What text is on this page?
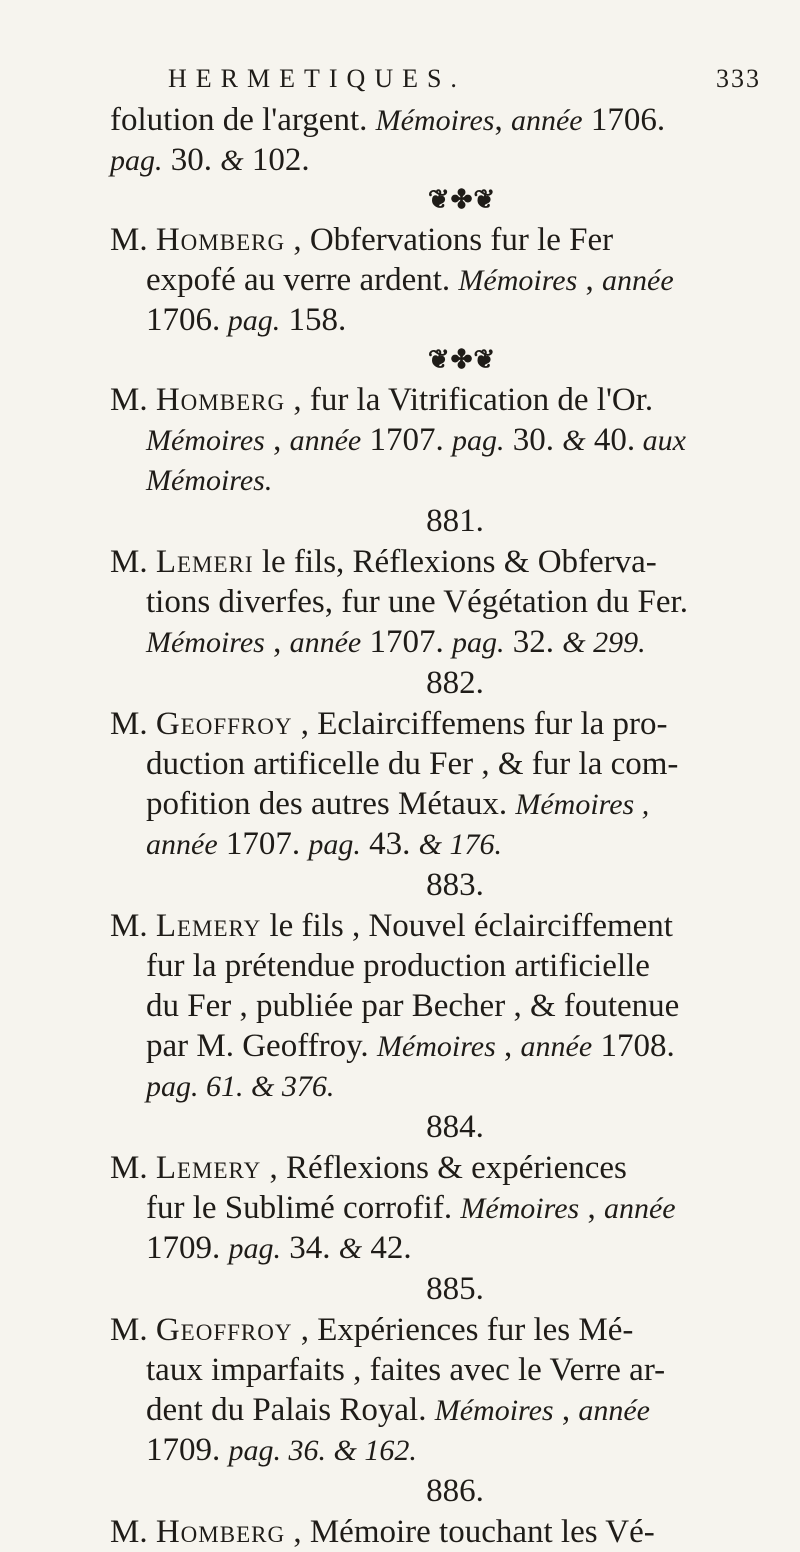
HERMETIQUES.	333
folution de l'argent. Mémoires, année 1706.
pag. 30. & 102.
❦✤❦
M. Homberg , Obfervations fur le Fer
expofé au verre ardent. Mémoires , année
1706. pag. 158.
❦✤❦
M. Homberg , fur la Vitrification de l'Or.
Mémoires , année 1707. pag. 30. & 40. aux
Mémoires.
881.
M. Lemeri le fils, Réflexions & Obferva-
tions diverfes, fur une Végétation du Fer.
Mémoires , année 1707. pag. 32. & 299.
882.
M. Geoffroy , Eclairciffemens fur la pro-
duction artificelle du Fer , & fur la com-
pofition des autres Métaux. Mémoires ,
année 1707. pag. 43. & 176.
883.
M. Lemery le fils , Nouvel éclairciffement
fur la prétendue production artificielle
du Fer , publiée par Becher , & foutenue
par M. Geoffroy. Mémoires , année 1708.
pag. 61. & 376.
884.
M. Lemery , Réflexions & expériences
fur le Sublimé corrofif. Mémoires , année
1709. pag. 34. & 42.
885.
M. Geoffroy , Expériences fur les Mé-
taux imparfaits , faites avec le Verre ar-
dent du Palais Royal. Mémoires , année
1709. pag. 36. & 162.
886.
M. Homberg , Mémoire touchant les Vé-
